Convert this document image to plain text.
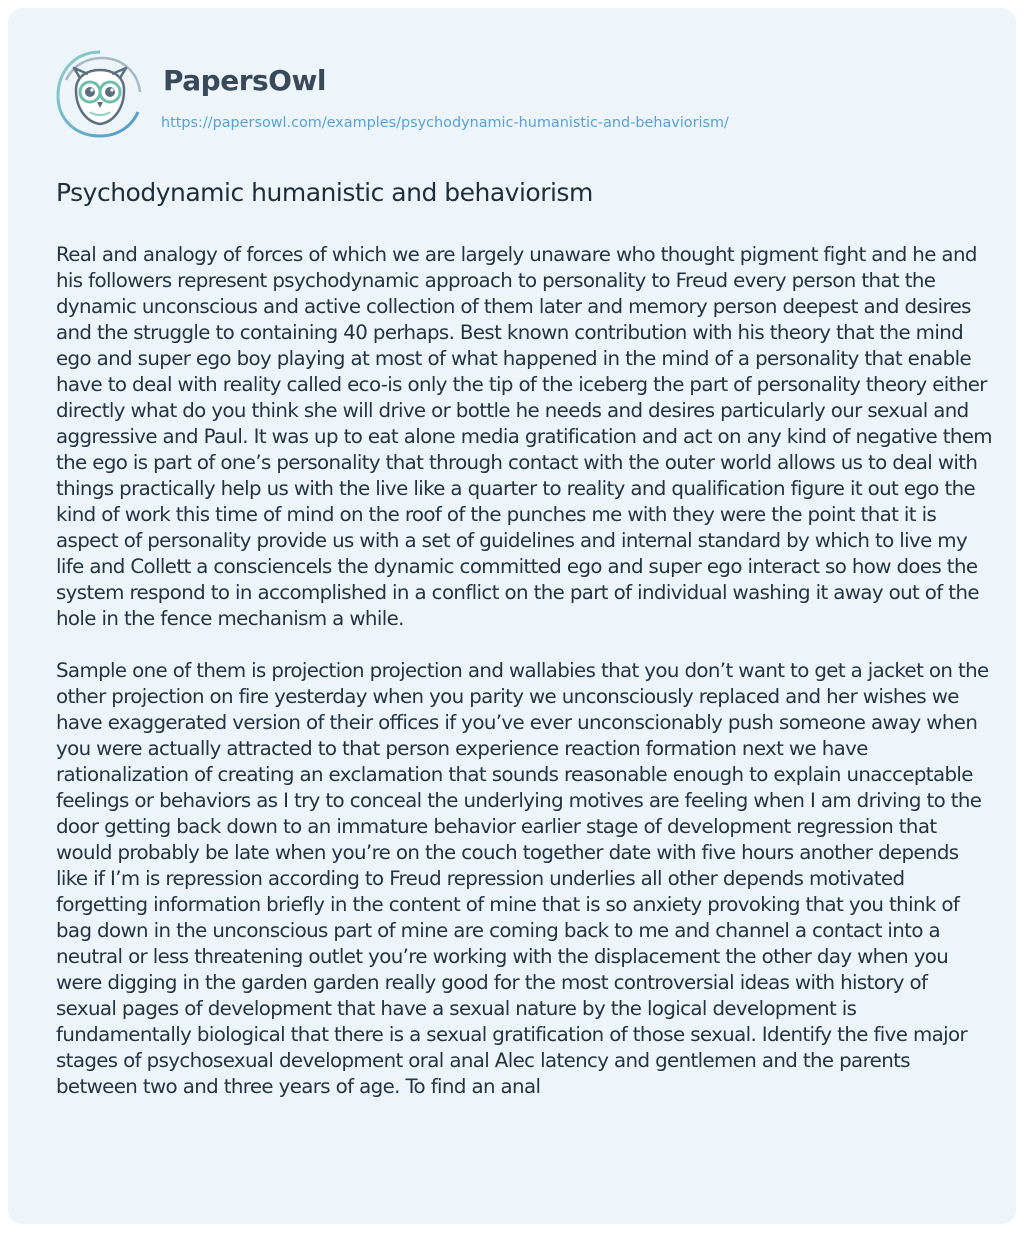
PapersOwl
https://papersowl.com/examples/psychodynamic-humanistic-and-behaviorism/
Psychodynamic humanistic and behaviorism

Real and analogy of forces of which we are largely unaware who thought pigment fight and he and his followers represent psychodynamic approach to personality to Freud every person that the dynamic unconscious and active collection of them later and memory person deepest and desires and the struggle to containing 40 perhaps. Best known contribution with his theory that the mind ego and super ego boy playing at most of what happened in the mind of a personality that enable have to deal with reality called eco-is only the tip of the iceberg the part of personality theory either directly what do you think she will drive or bottle he needs and desires particularly our sexual and aggressive and Paul. It was up to eat alone media gratification and act on any kind of negative them the ego is part of one’s personality that through contact with the outer world allows us to deal with things practically help us with the live like a quarter to reality and qualification figure it out ego the kind of work this time of mind on the roof of the punches me with they were the point that it is aspect of personality provide us with a set of guidelines and internal standard by which to live my life and Collett a consciencels the dynamic committed ego and super ego interact so how does the system respond to in accomplished in a conflict on the part of individual washing it away out of the hole in the fence mechanism a while.

Sample one of them is projection projection and wallabies that you don’t want to get a jacket on the other projection on fire yesterday when you parity we unconsciously replaced and her wishes we have exaggerated version of their offices if you’ve ever unconscionably push someone away when you were actually attracted to that person experience reaction formation next we have rationalization of creating an exclamation that sounds reasonable enough to explain unacceptable feelings or behaviors as I try to conceal the underlying motives are feeling when I am driving to the door getting back down to an immature behavior earlier stage of development regression that would probably be late when you’re on the couch together date with five hours another depends like if I’m is repression according to Freud repression underlies all other depends motivated forgetting information briefly in the content of mine that is so anxiety provoking that you think of bag down in the unconscious part of mine are coming back to me and channel a contact into a neutral or less threatening outlet you’re working with the displacement the other day when you were digging in the garden garden really good for the most controversial ideas with history of sexual pages of development that have a sexual nature by the logical development is fundamentally biological that there is a sexual gratification of those sexual. Identify the five major stages of psychosexual development oral anal Alec latency and gentlemen and the parents between two and three years of age. To find an anal
